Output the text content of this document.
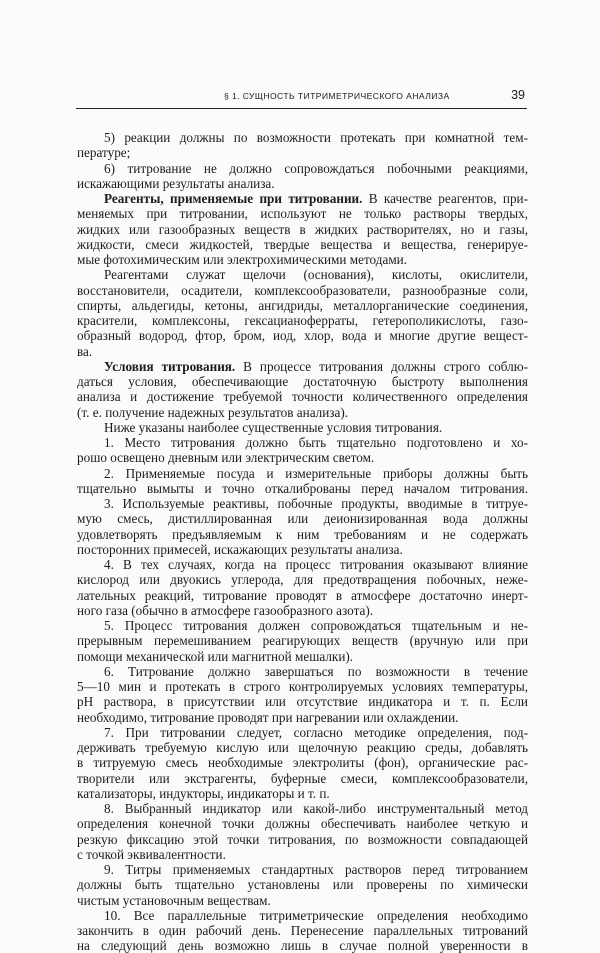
§ 1. СУЩНОСТЬ ТИТРИМЕТРИЧЕСКОГО АНАЛИЗА	39
5) реакции должны по возможности протекать при комнатной тем-
пературе;
6) титрование не должно сопровождаться побочными реакциями,
искажающими результаты анализа.
Реагенты, применяемые при титровании. В качестве реагентов, при-
меняемых при титровании, используют не только растворы твердых,
жидких или газообразных веществ в жидких растворителях, но и газы,
жидкости, смеси жидкостей, твердые вещества и вещества, генерируе-
мые фотохимическим или электрохимическими методами.
Реагентами служат щелочи (основания), кислоты, окислители,
восстановители, осадители, комплексообразователи, разнообразные соли,
спирты, альдегиды, кетоны, ангидриды, металлорганические соединения,
красители, комплексоны, гексацианоферраты, гетерополикислоты, газо-
образный водород, фтор, бром, иод, хлор, вода и многие другие вещест-
ва.
Условия титрования. В процессе титрования должны строго соблю-
даться условия, обеспечивающие достаточную быстроту выполнения
анализа и достижение требуемой точности количественного определения
(т. е. получение надежных результатов анализа).
Ниже указаны наиболее существенные условия титрования.
1. Место титрования должно быть тщательно подготовлено и хо-
рошо освещено дневным или электрическим светом.
2. Применяемые посуда и измерительные приборы должны быть
тщательно вымыты и точно откалиброваны перед началом титрования.
3. Используемые реактивы, побочные продукты, вводимые в титруе-
мую смесь, дистиллированная или деионизированная вода должны
удовлетворять предъявляемым к ним требованиям и не содержать
посторонних примесей, искажающих результаты анализа.
4. В тех случаях, когда на процесс титрования оказывают влияние
кислород или двуокись углерода, для предотвращения побочных, неже-
лательных реакций, титрование проводят в атмосфере достаточно инерт-
ного газа (обычно в атмосфере газообразного азота).
5. Процесс титрования должен сопровождаться тщательным и не-
прерывным перемешиванием реагирующих веществ (вручную или при
помощи механической или магнитной мешалки).
6. Титрование должно завершаться по возможности в течение
5—10 мин и протекать в строго контролируемых условиях температуры,
pH раствора, в присутствии или отсутствие индикатора и т. п. Если
необходимо, титрование проводят при нагревании или охлаждении.
7. При титровании следует, согласно методике определения, под-
держивать требуемую кислую или щелочную реакцию среды, добавлять
в титруемую смесь необходимые электролиты (фон), органические рас-
творители или экстрагенты, буферные смеси, комплексообразователи,
катализаторы, индукторы, индикаторы и т. п.
8. Выбранный индикатор или какой-либо инструментальный метод
определения конечной точки должны обеспечивать наиболее четкую и
резкую фиксацию этой точки титрования, по возможности совпадающей
с точкой эквивалентности.
9. Титры применяемых стандартных растворов перед титрованием
должны быть тщательно установлены или проверены по химически
чистым установочным веществам.
10. Все параллельные титриметрические определения необходимо
закончить в один рабочий день. Перенесение параллельных титрований
на следующий день возможно лишь в случае полной уверенности в
